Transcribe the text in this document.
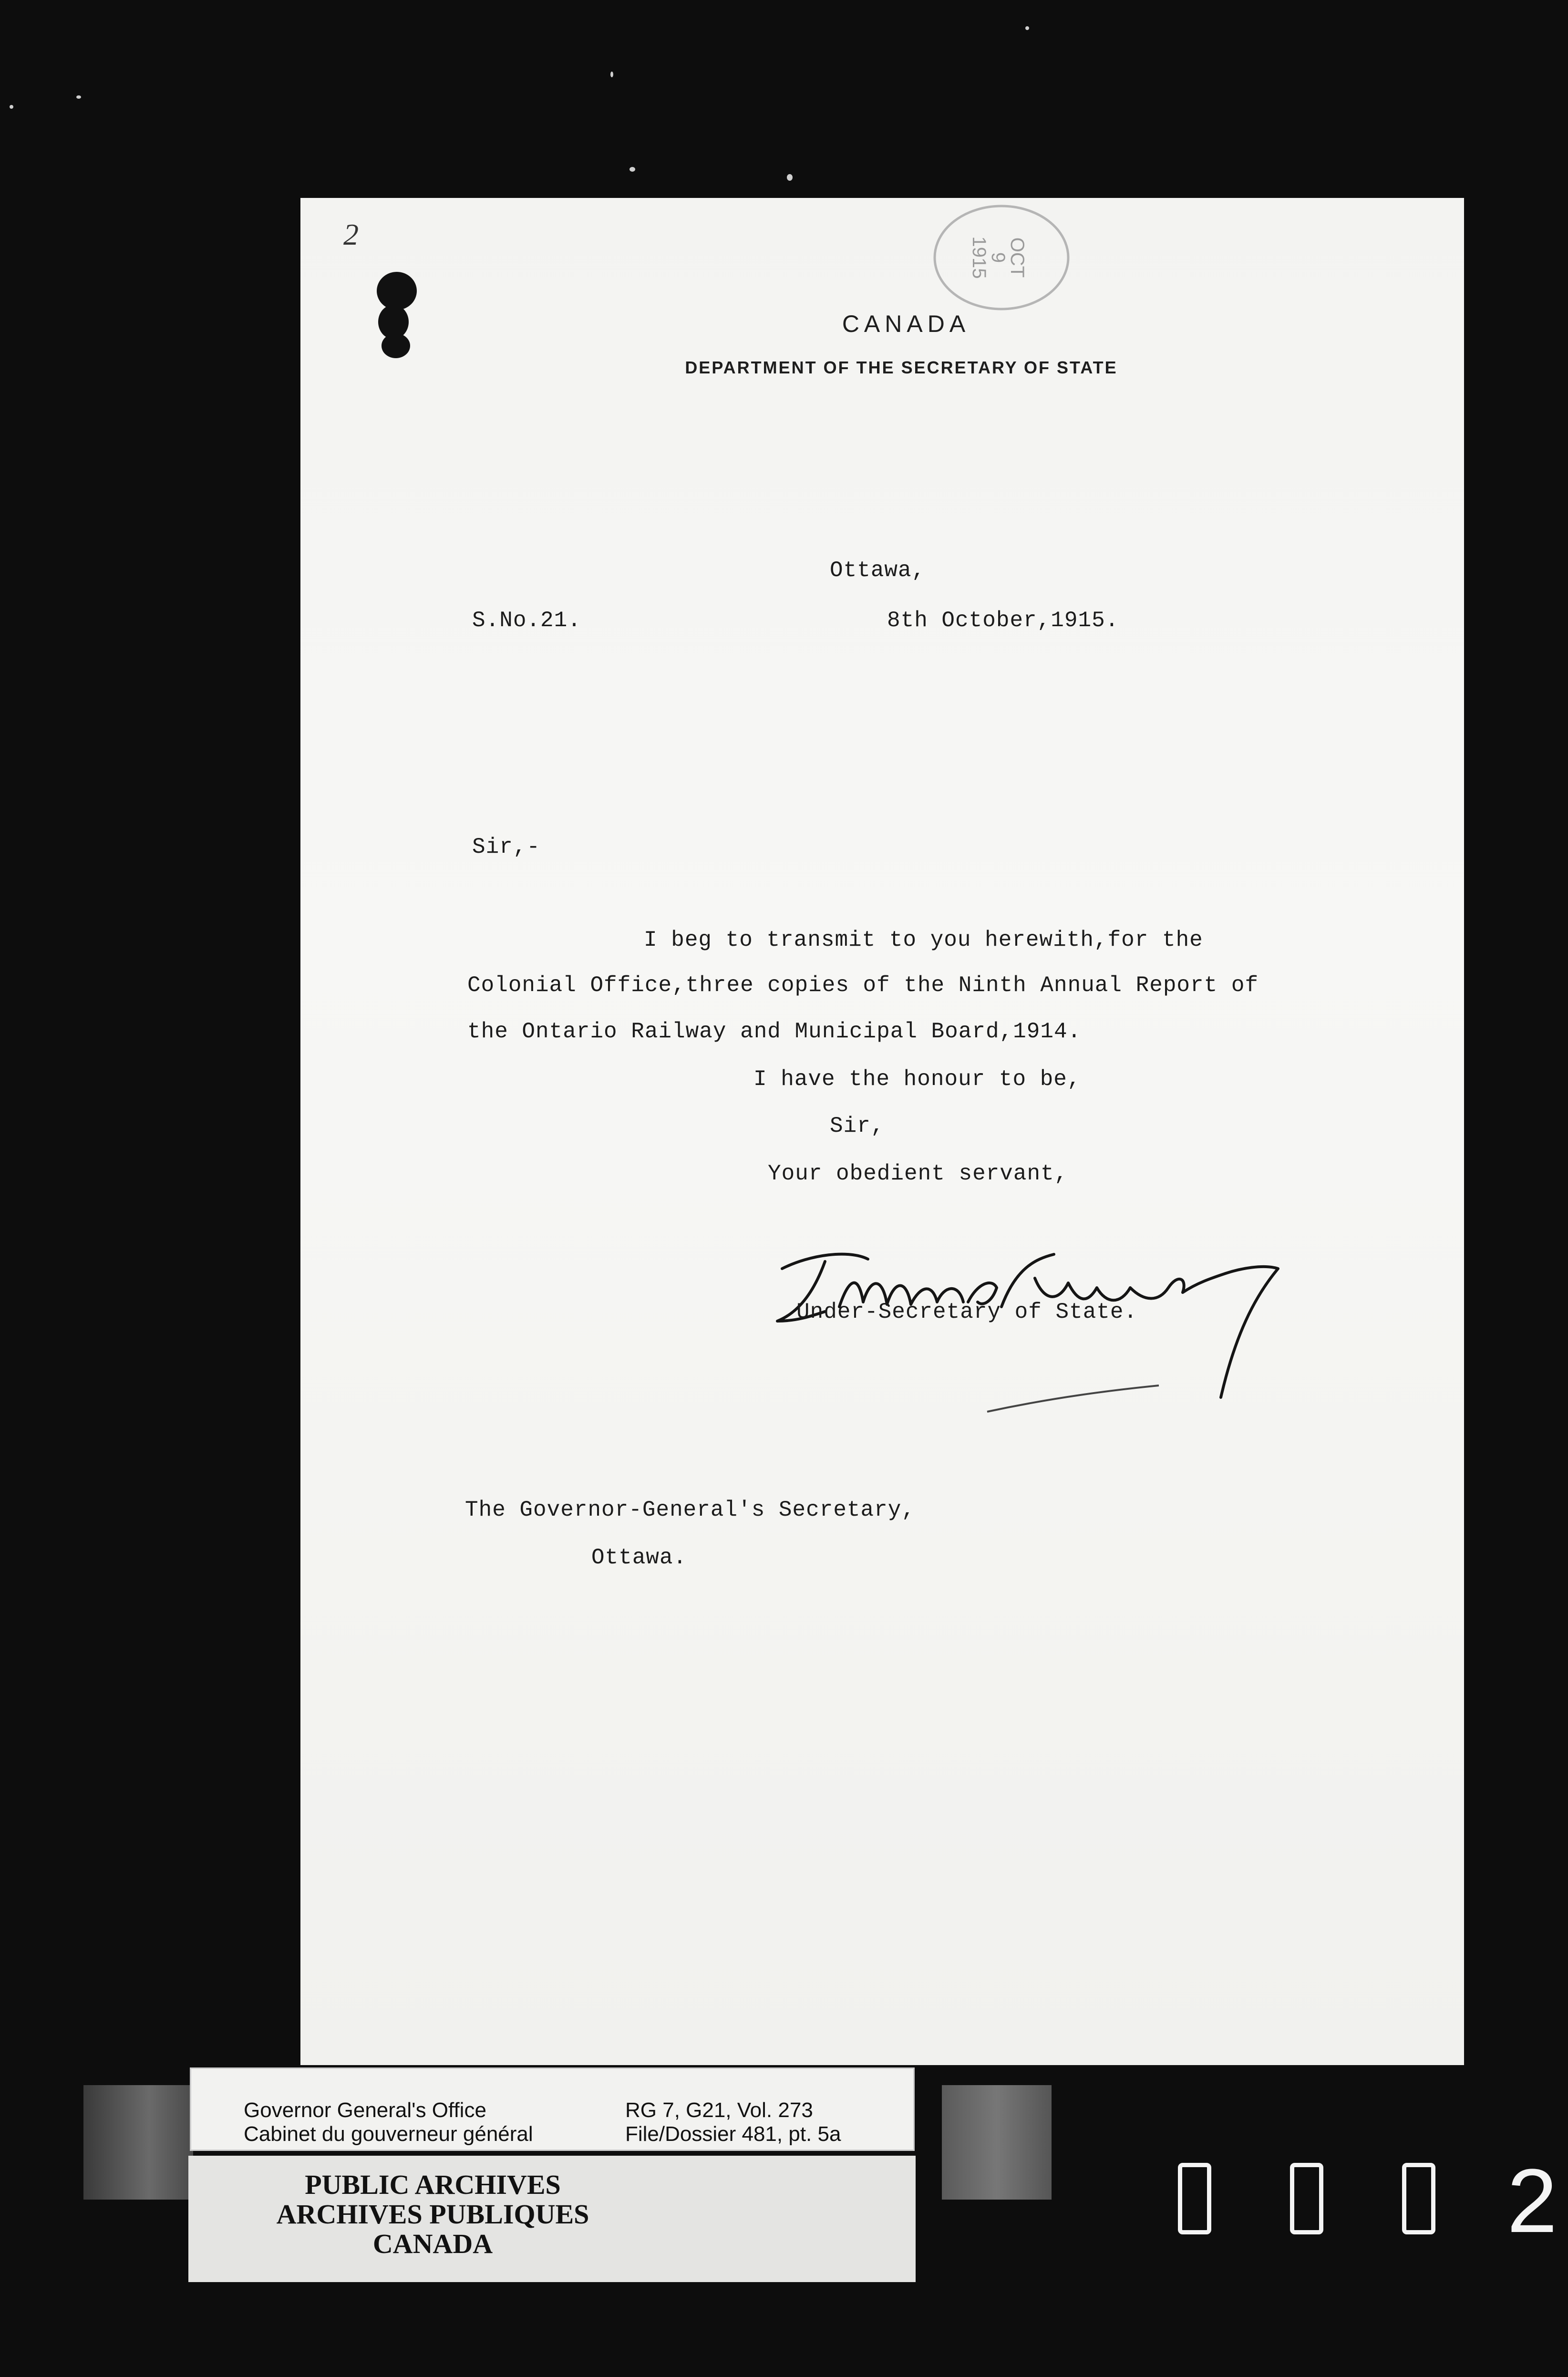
2
OCT
9
1915
CANADA
DEPARTMENT OF THE SECRETARY OF STATE
Ottawa,
S.No.21.	8th October,1915.
Sir,-
I beg to transmit to you herewith,for the
Colonial Office,three copies of the Ninth Annual Report of
the Ontario Railway and Municipal Board,1914.
I have the honour to be,
Sir,
Your obedient servant,
Under-Secretary of State.
The Governor-General's Secretary,
Ottawa.
Governor General's Office
Cabinet du gouverneur général
RG 7, G21, Vol. 273
File/Dossier 481, pt. 5a
PUBLIC ARCHIVES
ARCHIVES PUBLIQUES
CANADA	2
